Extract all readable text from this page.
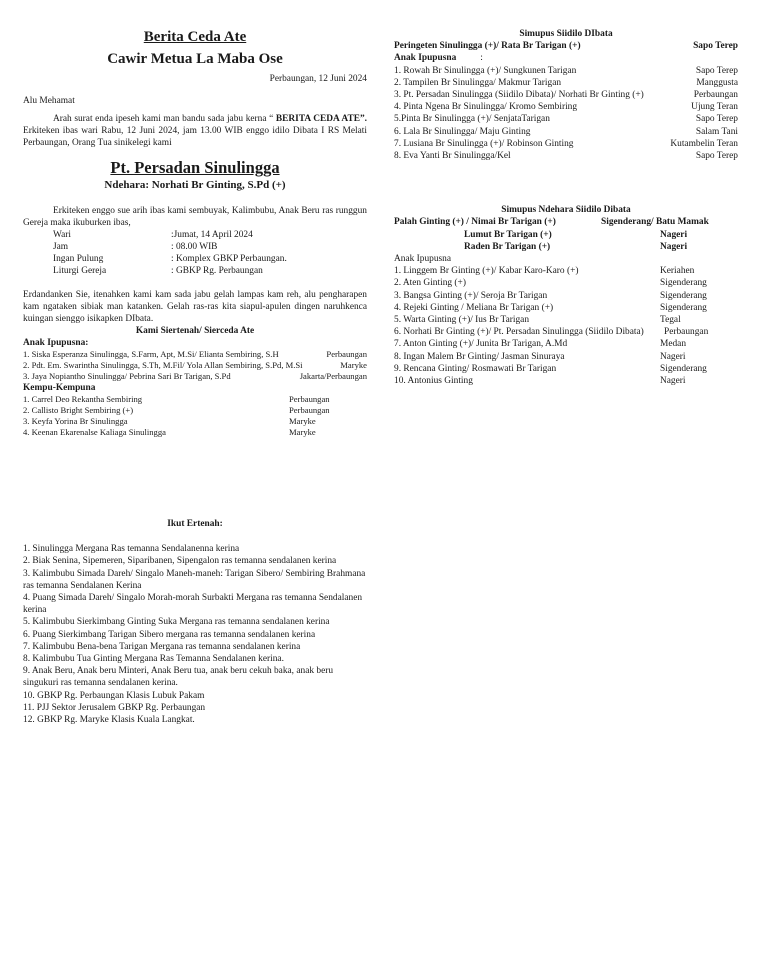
Berita Ceda Ate
Cawir Metua La Maba Ose
Perbaungan, 12 Juni 2024
Alu Mehamat
Arah surat enda ipeseh kami man bandu sada jabu kerna “ BERITA CEDA ATE”. Erkiteken ibas wari Rabu, 12 Juni 2024, jam 13.00 WIB enggo idilo Dibata I RS Melati Perbaungan, Orang Tua sinikelegi kami
Pt. Persadan Sinulingga
Ndehara: Norhati Br Ginting, S.Pd (+)
Erkiteken enggo sue arih ibas kami sembuyak, Kalimbubu, Anak Beru ras runggun Gereja maka ikuburken ibas,
Wari	:Jumat, 14 April 2024
Jam	: 08.00 WIB
Ingan Pulung	: Komplex GBKP Perbaungan.
Liturgi Gereja	: GBKP Rg. Perbaungan
Erdandanken Sie, itenahken kami kam sada jabu gelah lampas kam reh, alu pengharapen kam ngataken sibiak man katanken. Gelah ras-ras kita siapul-apulen dingen naruhkenca kuingan sienggo isikapken DIbata.
Kami Siertenah/ Sierceda Ate
Anak Ipupusna:
1. Siska Esperanza Sinulingga, S.Farm, Apt, M.Si/ Elianta Sembiring, S.H	Perbaungan
2. Pdt. Em. Swarintha Sinulingga, S.Th, M.Fil/ Yola Allan Sembiring, S.Pd, M.Si	Maryke
3. Jaya Nopiantho Sinulingga/ Pebrina Sari Br Tarigan, S.Pd	Jakarta/Perbaungan
Kempu-Kempuna
1. Carrel Deo Rekantha Sembiring	Perbaungan
2. Callisto Bright Sembiring (+)	Perbaungan
3. Keyfa Yorina Br Sinulingga	Maryke
4. Keenan Ekarenalse Kaliaga Sinulingga	Maryke
Ikut Ertenah:
1. Sinulingga Mergana Ras temanna Sendalanenna kerina
2. Biak Senina, Sipemeren, Siparibanen, Sipengalon ras temanna sendalanen kerina
3. Kalimbubu Simada Dareh/ Singalo Maneh-maneh: Tarigan Sibero/ Sembiring Brahmana ras temanna Sendalanen Kerina
4. Puang Simada Dareh/ Singalo Morah-morah Surbakti Mergana ras temanna Sendalanen kerina
5. Kalimbubu Sierkimbang Ginting Suka Mergana ras temanna sendalanen kerina
6. Puang Sierkimbang Tarigan Sibero mergana ras temanna sendalanen kerina
7. Kalimbubu Bena-bena Tarigan Mergana ras temanna sendalanen kerina
8. Kalimbubu Tua Ginting Mergana Ras Temanna Sendalanen kerina.
9. Anak Beru, Anak beru Minteri, Anak Beru tua, anak beru cekuh baka, anak beru singukuri ras temanna sendalanen kerina.
10. GBKP Rg. Perbaungan Klasis Lubuk Pakam
11. PJJ Sektor Jerusalem GBKP Rg. Perbaungan
12. GBKP Rg. Maryke Klasis Kuala Langkat.
Simupus Siidilo DIbata
Peringeten Sinulingga (+)/ Rata Br Tarigan (+)	Sapo Terep
Anak Ipupusna	:
1. Rowah Br Sinulingga (+)/ Sungkunen Tarigan	Sapo Terep
2. Tampilen Br Sinulingga/ Makmur Tarigan	Manggusta
3. Pt. Persadan Sinulingga (Siidilo Dibata)/ Norhati Br Ginting (+)	Perbaungan
4. Pinta Ngena Br Sinulingga/ Kromo Sembiring	Ujung Teran
5.Pinta Br Sinulingga (+)/ SenjataTarigan	Sapo Terep
6. Lala Br Sinulingga/ Maju Ginting	Salam Tani
7. Lusiana Br Sinulingga (+)/ Robinson Ginting	Kutambelin Teran
8. Eva Yanti Br Sinulingga/Kel	Sapo Terep
Simupus Ndehara Siidilo Dibata
Palah Ginting (+) / Nimai Br Tarigan (+)	Sigenderang/ Batu Mamak
Lumut Br Tarigan (+)	Nageri
Raden Br Tarigan (+)	Nageri
Anak Ipupusna
1. Linggem Br Ginting (+)/ Kabar Karo-Karo (+)	Keriahen
2. Aten Ginting (+)	Sigenderang
3. Bangsa Ginting (+)/ Seroja Br Tarigan	Sigenderang
4. Rejeki Ginting / Meliana Br Tarigan (+)	Sigenderang
5. Warta Ginting (+)/ Ius Br Tarigan	Tegal
6. Norhati Br Ginting (+)/ Pt. Persadan Sinulingga (Siidilo Dibata)	Perbaungan
7. Anton Ginting (+)/ Junita Br Tarigan, A.Md	Medan
8. Ingan Malem Br Ginting/ Jasman Sinuraya	Nageri
9. Rencana Ginting/ Rosmawati Br Tarigan	Sigenderang
10. Antonius Ginting	Nageri
